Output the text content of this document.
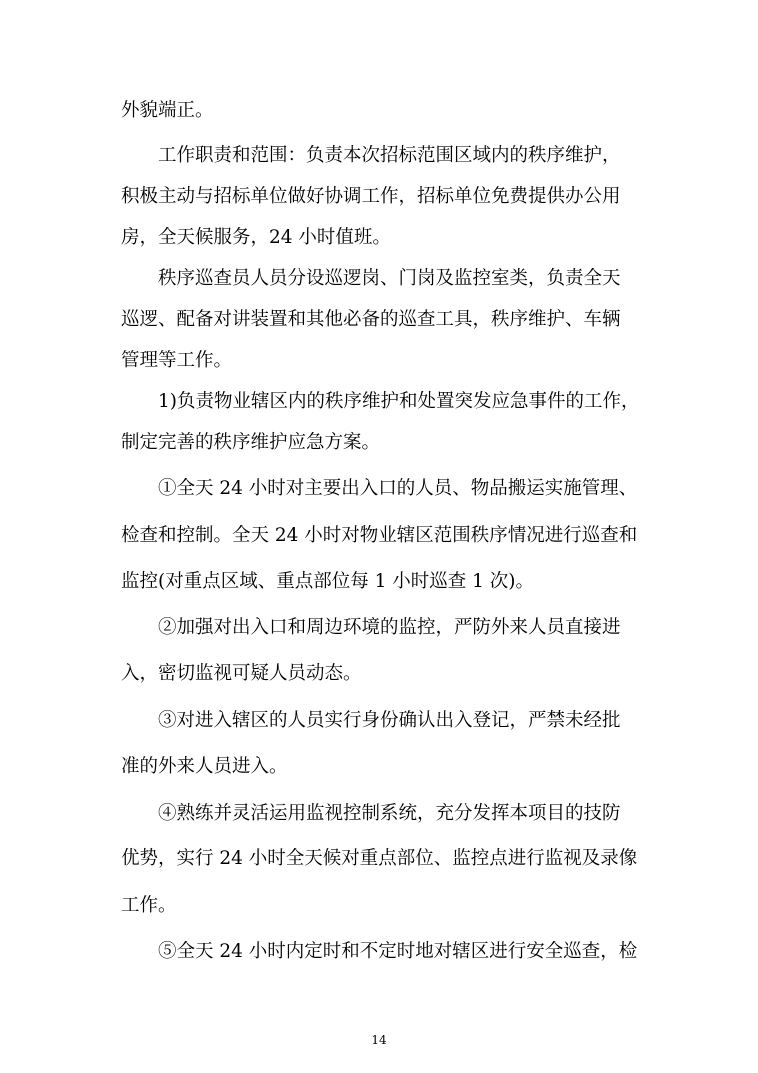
外貌端正。
工作职责和范围：负责本次招标范围区域内的秩序维护，
积极主动与招标单位做好协调工作，招标单位免费提供办公用
房，全天候服务，24 小时值班。
秩序巡查员人员分设巡逻岗、门岗及监控室类，负责全天
巡逻、配备对讲装置和其他必备的巡查工具，秩序维护、车辆
管理等工作。
1)负责物业辖区内的秩序维护和处置突发应急事件的工作，
制定完善的秩序维护应急方案。
➀全天 24 小时对主要出入口的人员、物品搬运实施管理、
检查和控制。全天 24 小时对物业辖区范围秩序情况进行巡查和
监控(对重点区域、重点部位每 1 小时巡查 1 次)。
➁加强对出入口和周边环境的监控，严防外来人员直接进
入，密切监视可疑人员动态。
➂对进入辖区的人员实行身份确认出入登记，严禁未经批
准的外来人员进入。
➃熟练并灵活运用监视控制系统，充分发挥本项目的技防
优势，实行 24 小时全天候对重点部位、监控点进行监视及录像
工作。
➄全天 24 小时内定时和不定时地对辖区进行安全巡查，检
14
